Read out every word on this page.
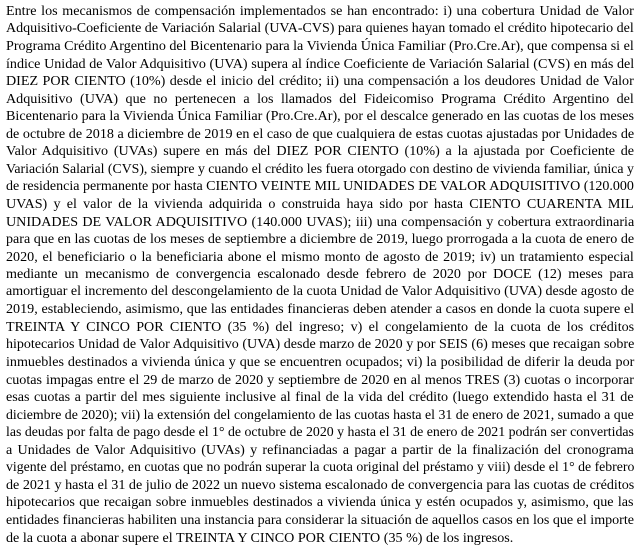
Entre los mecanismos de compensación implementados se han encontrado: i) una cobertura Unidad de Valor
Adquisitivo-Coeficiente de Variación Salarial (UVA-CVS) para quienes hayan tomado el crédito hipotecario del
Programa Crédito Argentino del Bicentenario para la Vivienda Única Familiar (Pro.Cre.Ar), que compensa si el
índice Unidad de Valor Adquisitivo (UVA) supera al índice Coeficiente de Variación Salarial (CVS) en más del
DIEZ POR CIENTO (10%) desde el inicio del crédito; ii) una compensación a los deudores Unidad de Valor
Adquisitivo (UVA) que no pertenecen a los llamados del Fideicomiso Programa Crédito Argentino del
Bicentenario para la Vivienda Única Familiar (Pro.Cre.Ar), por el descalce generado en las cuotas de los meses
de octubre de 2018 a diciembre de 2019 en el caso de que cualquiera de estas cuotas ajustadas por Unidades de
Valor Adquisitivo (UVAs) supere en más del DIEZ POR CIENTO (10%) a la ajustada por Coeficiente de
Variación Salarial (CVS), siempre y cuando el crédito les fuera otorgado con destino de vivienda familiar, única y
de residencia permanente por hasta CIENTO VEINTE MIL UNIDADES DE VALOR ADQUISITIVO (120.000
UVAS) y el valor de la vivienda adquirida o construida haya sido por hasta CIENTO CUARENTA MIL
UNIDADES DE VALOR ADQUISITIVO (140.000 UVAS); iii) una compensación y cobertura extraordinaria
para que en las cuotas de los meses de septiembre a diciembre de 2019, luego prorrogada a la cuota de enero de
2020, el beneficiario o la beneficiaria abone el mismo monto de agosto de 2019; iv) un tratamiento especial
mediante un mecanismo de convergencia escalonado desde febrero de 2020 por DOCE (12) meses para
amortiguar el incremento del descongelamiento de la cuota Unidad de Valor Adquisitivo (UVA) desde agosto de
2019, estableciendo, asimismo, que las entidades financieras deben atender a casos en donde la cuota supere el
TREINTA Y CINCO POR CIENTO (35 %) del ingreso; v) el congelamiento de la cuota de los créditos
hipotecarios Unidad de Valor Adquisitivo (UVA) desde marzo de 2020 y por SEIS (6) meses que recaigan sobre
inmuebles destinados a vivienda única y que se encuentren ocupados; vi) la posibilidad de diferir la deuda por
cuotas impagas entre el 29 de marzo de 2020 y septiembre de 2020 en al menos TRES (3) cuotas o incorporar
esas cuotas a partir del mes siguiente inclusive al final de la vida del crédito (luego extendido hasta el 31 de
diciembre de 2020); vii) la extensión del congelamiento de las cuotas hasta el 31 de enero de 2021, sumado a que
las deudas por falta de pago desde el 1° de octubre de 2020 y hasta el 31 de enero de 2021 podrán ser convertidas
a Unidades de Valor Adquisitivo (UVAs) y refinanciadas a pagar a partir de la finalización del cronograma
vigente del préstamo, en cuotas que no podrán superar la cuota original del préstamo y viii) desde el 1° de febrero
de 2021 y hasta el 31 de julio de 2022 un nuevo sistema escalonado de convergencia para las cuotas de créditos
hipotecarios que recaigan sobre inmuebles destinados a vivienda única y estén ocupados y, asimismo, que las
entidades financieras habiliten una instancia para considerar la situación de aquellos casos en los que el importe
de la cuota a abonar supere el TREINTA Y CINCO POR CIENTO (35 %) de los ingresos.
